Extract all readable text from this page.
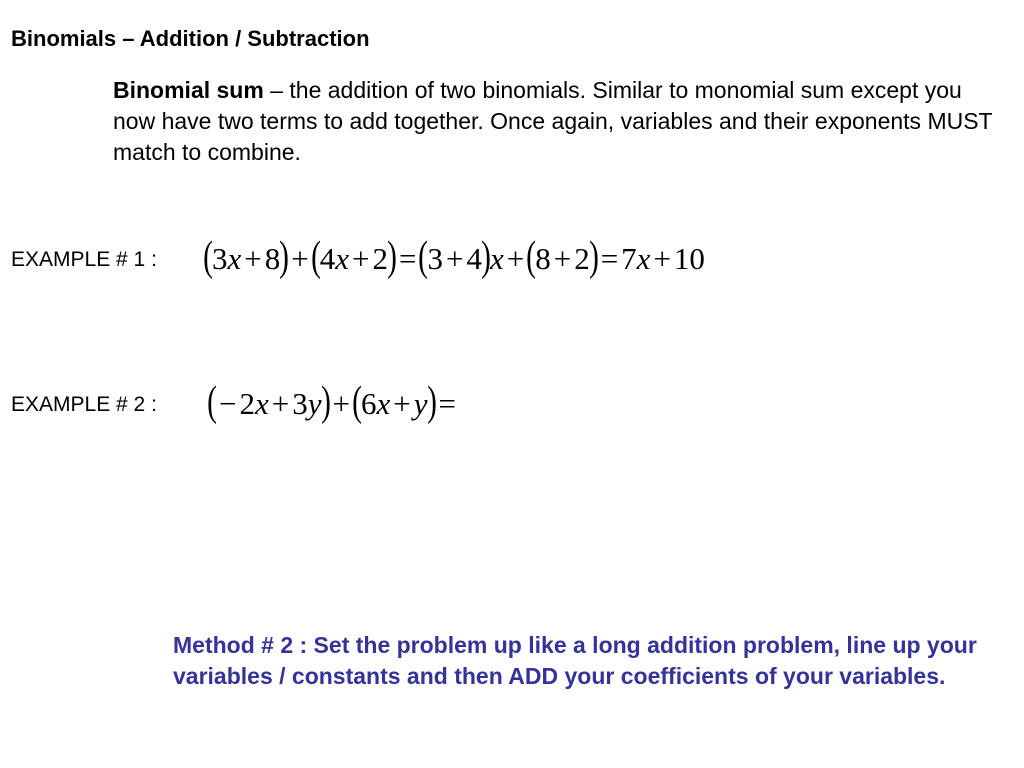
Binomials – Addition / Subtraction
Binomial sum – the addition of two binomials. Similar to monomial sum except you now have two terms to add together. Once again, variables and their exponents MUST match to combine.
EXAMPLE # 1 : ( 3 x + 8 ) + ( 4 x + 2 ) = ( 3 + 4 ) x + ( 8 + 2 ) = 7 x + 10
EXAMPLE # 2 : ( − 2 x + 3 y ) + ( 6 x + y ) =
Method # 2 : Set the problem up like a long addition problem, line up your variables / constants and then ADD your coefficients of your variables.
